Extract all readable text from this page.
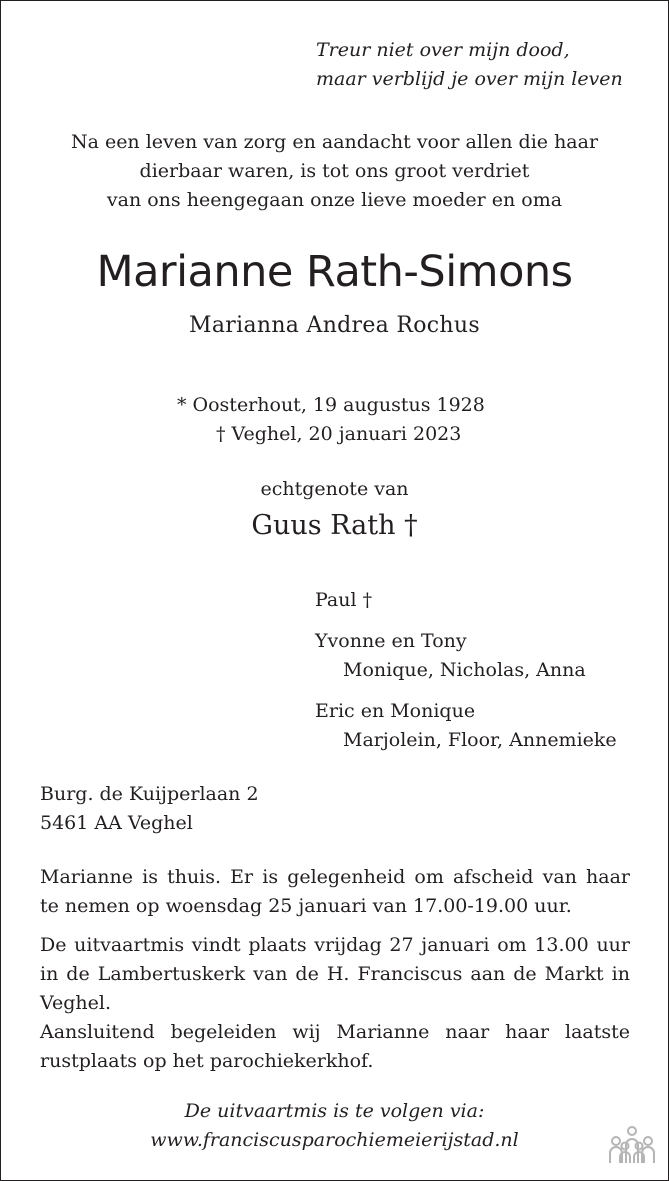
Treur niet over mijn dood,

maar verblijd je over mijn leven

Na een leven van zorg en aandacht voor allen die haar

dierbaar waren, is tot ons groot verdriet

van ons heengegaan onze lieve moeder en oma

Marianne Rath-Simons

Marianna Andrea Rochus

* Oosterhout, 19 augustus 1928

† Veghel, 20 januari 2023

echtgenote van

Guus Rath †

Paul †

Yvonne en Tony

Monique, Nicholas, Anna

Eric en Monique

Marjolein, Floor, Annemieke

Burg. de Kuijperlaan 2

5461 AA Veghel

Marianne is thuis. Er is gelegenheid om afscheid van haar
te nemen op woensdag 25 januari van 17.00-19.00 uur.
De uitvaartmis vindt plaats vrijdag 27 januari om 13.00 uur
in de Lambertuskerk van de H. Franciscus aan de Markt in
Veghel.
Aansluitend begeleiden wij Marianne naar haar laatste
rustplaats op het parochiekerkhof.

De uitvaartmis is te volgen via:

www.franciscusparochiemeierijstad.nl
